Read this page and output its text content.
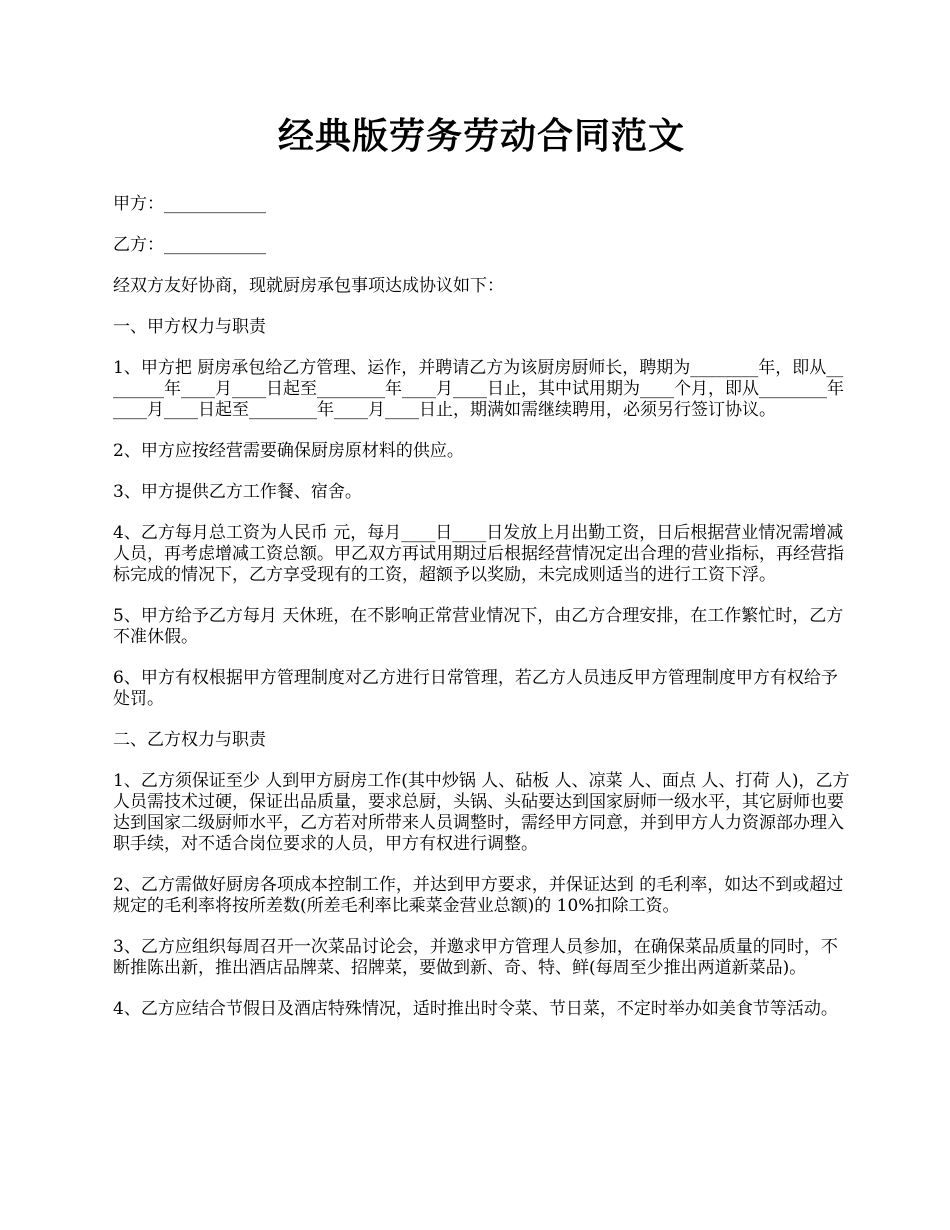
经典版劳务劳动合同范文

甲方：____________

乙方：____________

经双方友好协商，现就厨房承包事项达成协议如下：

一、甲方权力与职责

1、甲方把 厨房承包给乙方管理、运作，并聘请乙方为该厨房厨师长，聘期为________年，即从________年____月____日起至________年____月____日止，其中试用期为____个月，即从________年____月____日起至________年____月____日止，期满如需继续聘用，必须另行签订协议。

2、甲方应按经营需要确保厨房原材料的供应。

3、甲方提供乙方工作餐、宿舍。

4、乙方每月总工资为人民币 元，每月____日____日发放上月出勤工资，日后根据营业情况需增减人员，再考虑增减工资总额。甲乙双方再试用期过后根据经营情况定出合理的营业指标，再经营指标完成的情况下，乙方享受现有的工资，超额予以奖励，未完成则适当的进行工资下浮。

5、甲方给予乙方每月 天休班，在不影响正常营业情况下，由乙方合理安排，在工作繁忙时，乙方不准休假。

6、甲方有权根据甲方管理制度对乙方进行日常管理，若乙方人员违反甲方管理制度甲方有权给予处罚。

二、乙方权力与职责

1、乙方须保证至少 人到甲方厨房工作(其中炒锅 人、砧板 人、凉菜 人、面点 人、打荷 人)，乙方人员需技术过硬，保证出品质量，要求总厨，头锅、头砧要达到国家厨师一级水平，其它厨师也要达到国家二级厨师水平，乙方若对所带来人员调整时，需经甲方同意，并到甲方人力资源部办理入职手续，对不适合岗位要求的人员，甲方有权进行调整。

2、乙方需做好厨房各项成本控制工作，并达到甲方要求，并保证达到 的毛利率，如达不到或超过规定的毛利率将按所差数(所差毛利率比乘菜金营业总额)的 10%扣除工资。

3、乙方应组织每周召开一次菜品讨论会，并邀求甲方管理人员参加，在确保菜品质量的同时，不断推陈出新，推出酒店品牌菜、招牌菜，要做到新、奇、特、鲜(每周至少推出两道新菜品)。

4、乙方应结合节假日及酒店特殊情况，适时推出时令菜、节日菜，不定时举办如美食节等活动。
